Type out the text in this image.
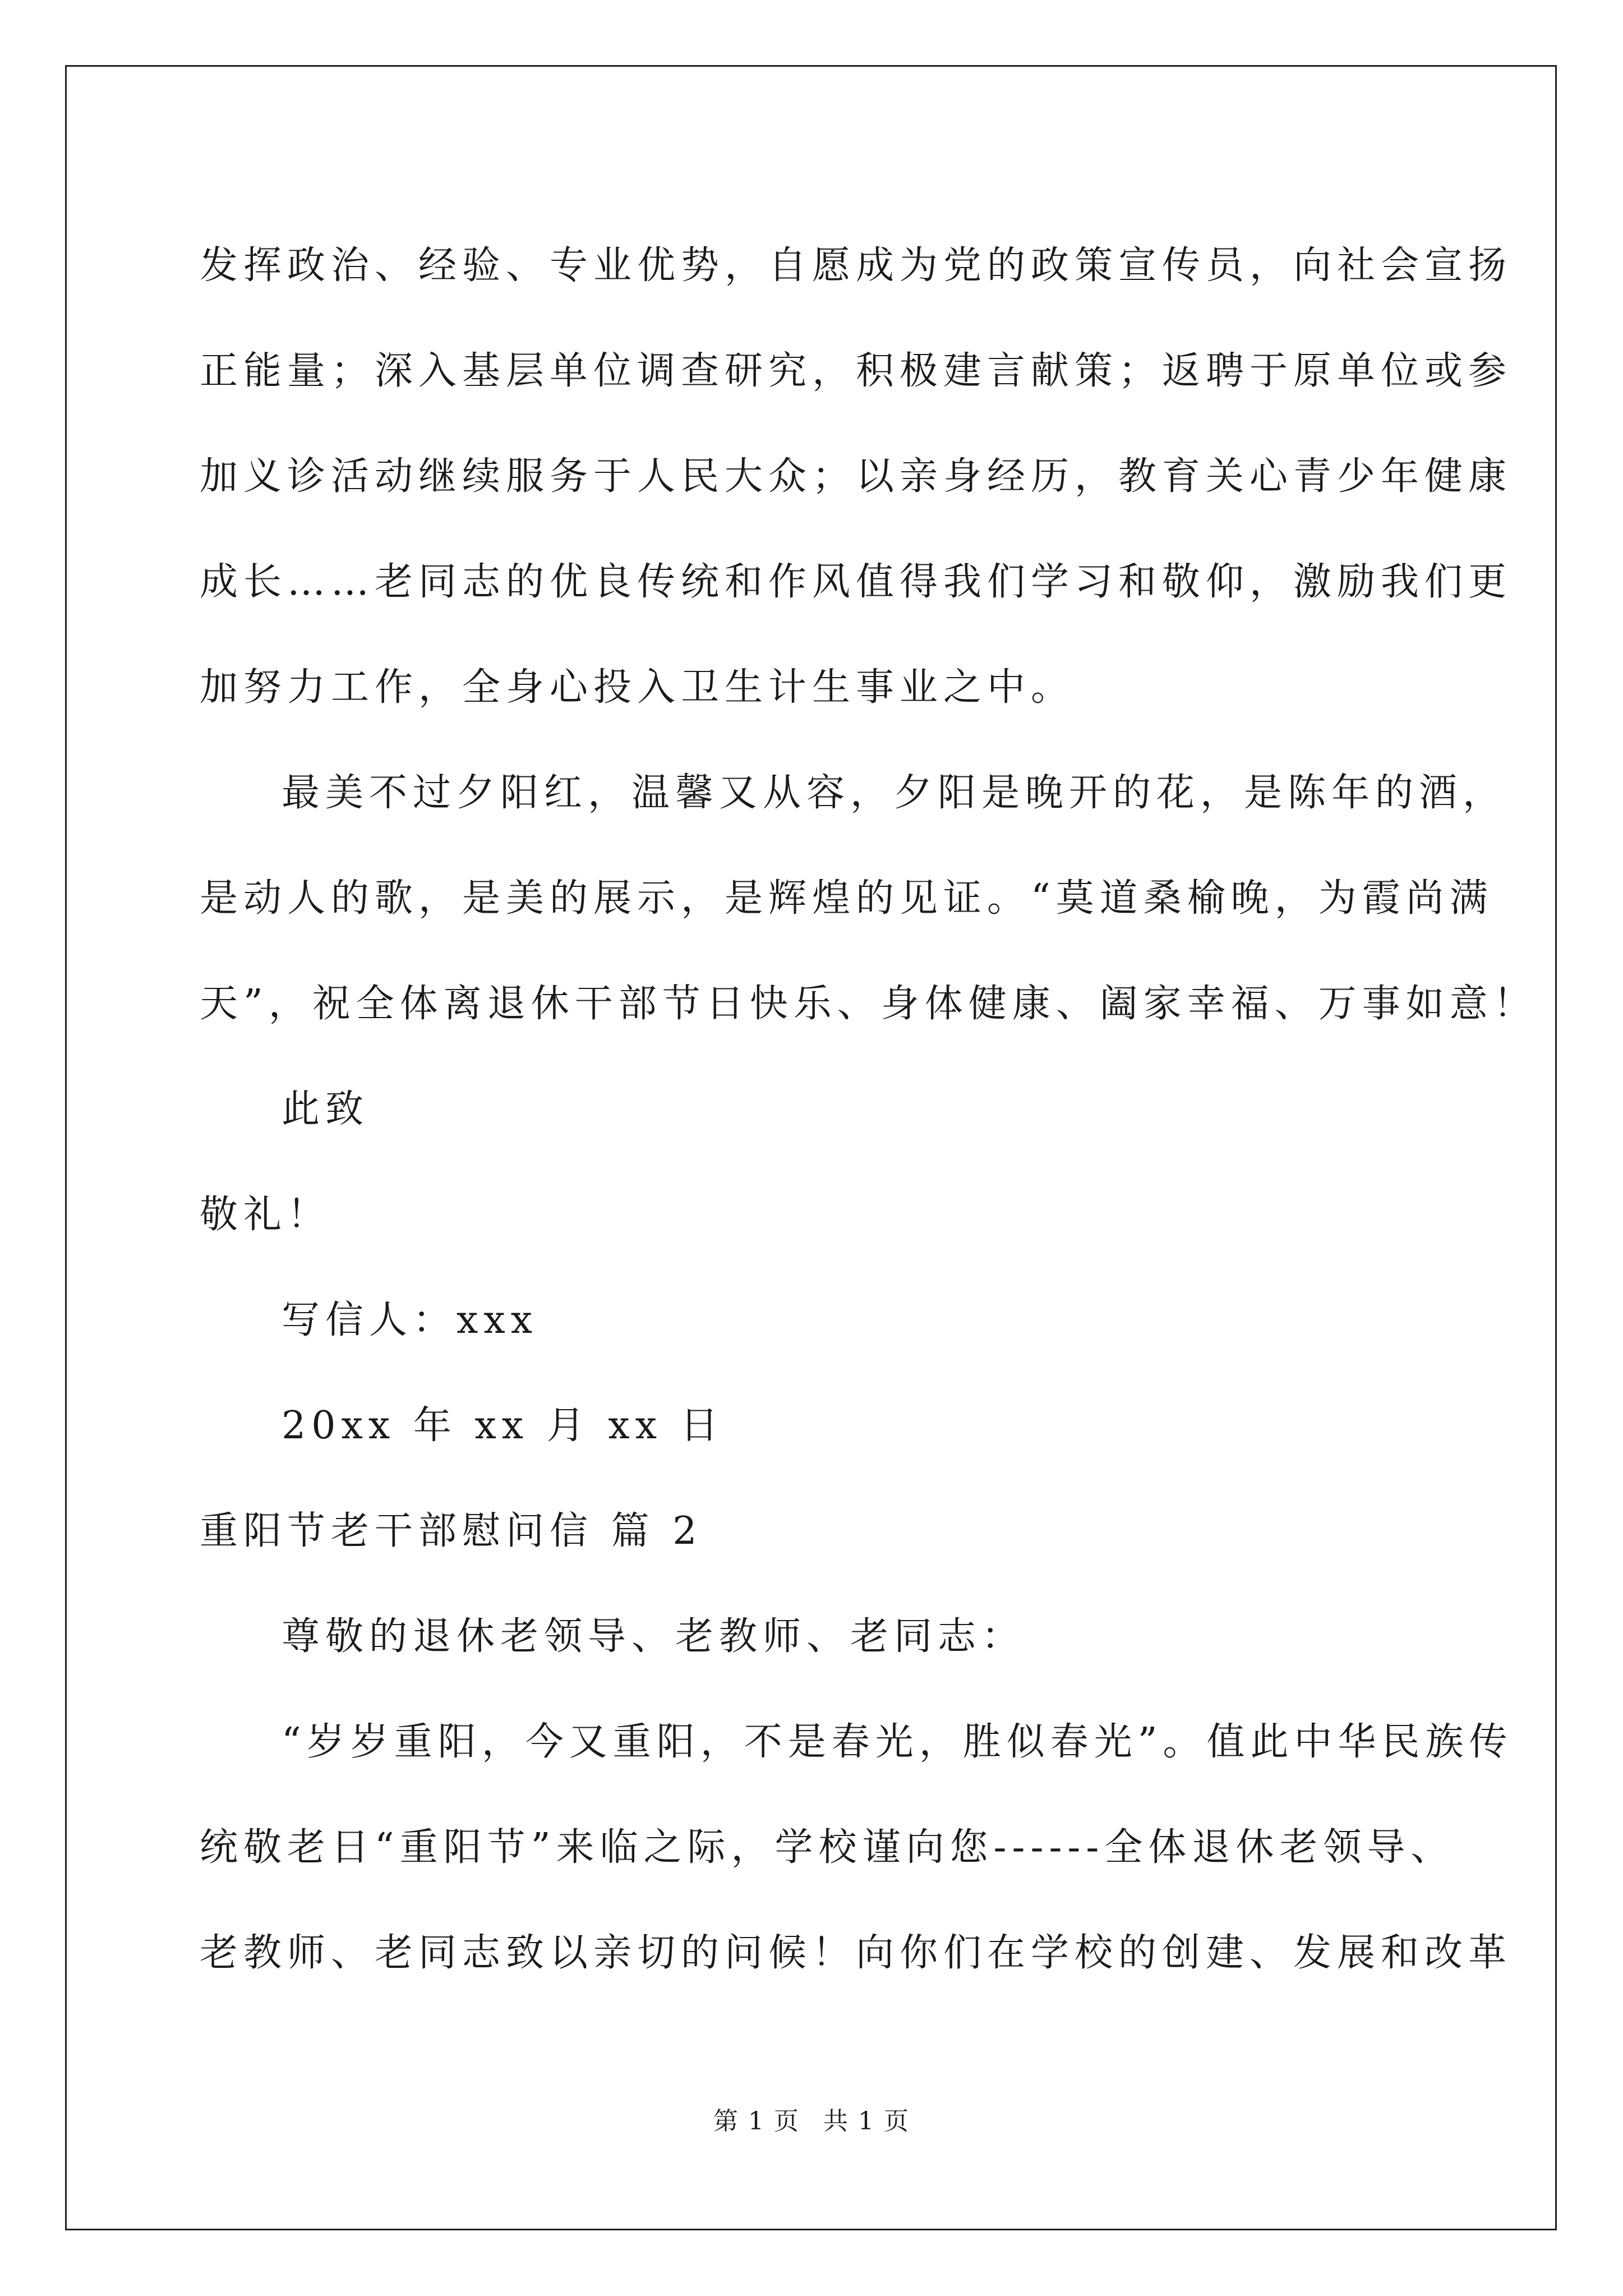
发挥政治、经验、专业优势，自愿成为党的政策宣传员，向社会宣扬
正能量；深入基层单位调查研究，积极建言献策；返聘于原单位或参
加义诊活动继续服务于人民大众；以亲身经历，教育关心青少年健康
成长……老同志的优良传统和作风值得我们学习和敬仰，激励我们更
加努力工作，全身心投入卫生计生事业之中。
最美不过夕阳红，温馨又从容，夕阳是晚开的花，是陈年的酒，
是动人的歌，是美的展示，是辉煌的见证。“莫道桑榆晚，为霞尚满
天”，祝全体离退休干部节日快乐、身体健康、阖家幸福、万事如意！
此致
敬礼！
写信人：xxx
20xx 年 xx 月 xx 日
重阳节老干部慰问信 篇 2
尊敬的退休老领导、老教师、老同志：
“岁岁重阳，今又重阳，不是春光，胜似春光”。值此中华民族传
统敬老日“重阳节”来临之际，学校谨向您------全体退休老领导、
老教师、老同志致以亲切的问候！向你们在学校的创建、发展和改革
第 1 页 共 1 页
